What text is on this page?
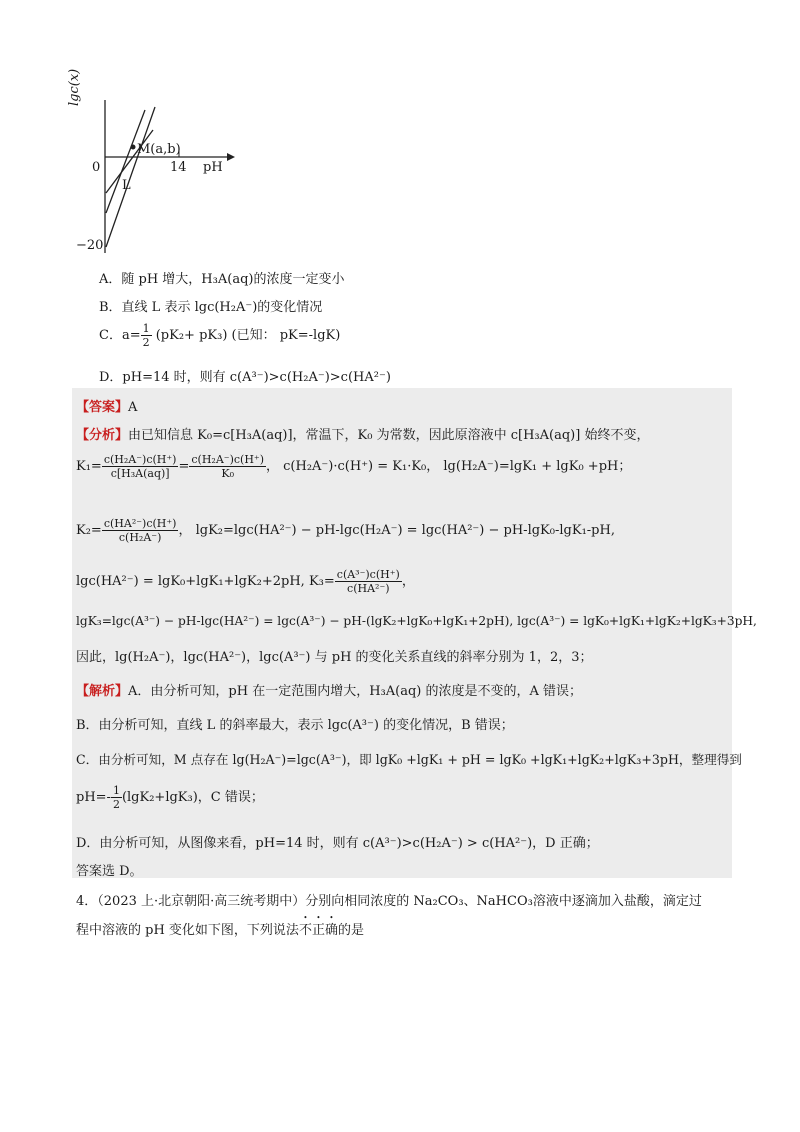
lgc(x)
0	14 pH
M(a,b)
L
−20
A．随 pH 增大，H₃A(aq)的浓度一定变小
B．直线 L 表示 lgc(H₂A⁻)的变化情况
C．$a= \frac{1}{2} (pK_2+ pK_3)$ (已知： pK=-lgK)
D．pH=14 时，则有 c(A³⁻)>c(H₂A⁻)>c(HA²⁻)
【答案】A
【分析】由已知信息 K₀=c[H₃A(aq)]，常温下，K₀ 为常数，因此原溶液中 c[H₃A(aq)] 始终不变，
$K_1= \frac{\text{c(H₂A⁻)c(H⁺)}}{\text{c[H₃A(aq)]}} = \frac{\text{c(H₂A⁻)c(H⁺)}}{\text{K₀}}$ ， c(H₂A⁻)·c(H⁺) = K₁·K₀， lg(H₂A⁻)=lgK₁ + lgK₀ +pH；
$K_2= \frac{\text{c(HA²⁻)c(H⁺)}}{\text{c(H₂A⁻)}}$ ， lgK₂=lgc(HA²⁻) − pH-lgc(H₂A⁻) = lgc(HA²⁻) − pH-lgK₀-lgK₁-pH,
lgc(HA²⁻) = lgK₀+lgK₁+lgK₂+2pH, $K_3= \frac{\text{c(A³⁻)c(H⁺)}}{\text{c(HA²⁻)}}$ ，
lgK₃=lgc(A³⁻) − pH-lgc(HA²⁻) = lgc(A³⁻) − pH-(lgK₂+lgK₀+lgK₁+2pH), lgc(A³⁻) = lgK₀+lgK₁+lgK₂+lgK₃+3pH,
因此，lg(H₂A⁻)，lgc(HA²⁻)，lgc(A³⁻) 与 pH 的变化关系直线的斜率分别为 1，2，3；
【解析】A．由分析可知，pH 在一定范围内增大，H₃A(aq) 的浓度是不变的，A 错误；
B．由分析可知，直线 L 的斜率最大，表示 lgc(A³⁻) 的变化情况，B 错误；
C．由分析可知，M 点存在 lg(H₂A⁻)=lgc(A³⁻)，即 lgK₀ +lgK₁ + pH = lgK₀ +lgK₁+lgK₂+lgK₃+3pH，整理得到
$pH=- \frac{1}{2} (\lg K_2+\lg K_3)$，C 错误；
D．由分析可知，从图像来看，pH=14 时，则有 c(A³⁻)>c(H₂A⁻) > c(HA²⁻)，D 正确；
答案选 D。
4．（2023 上·北京朝阳·高三统考期中）分别向相同浓度的 Na₂CO₃、NaHCO₃溶液中逐滴加入盐酸，滴定过
程中溶液的 pH 变化如下图，下列说法不正确的是
